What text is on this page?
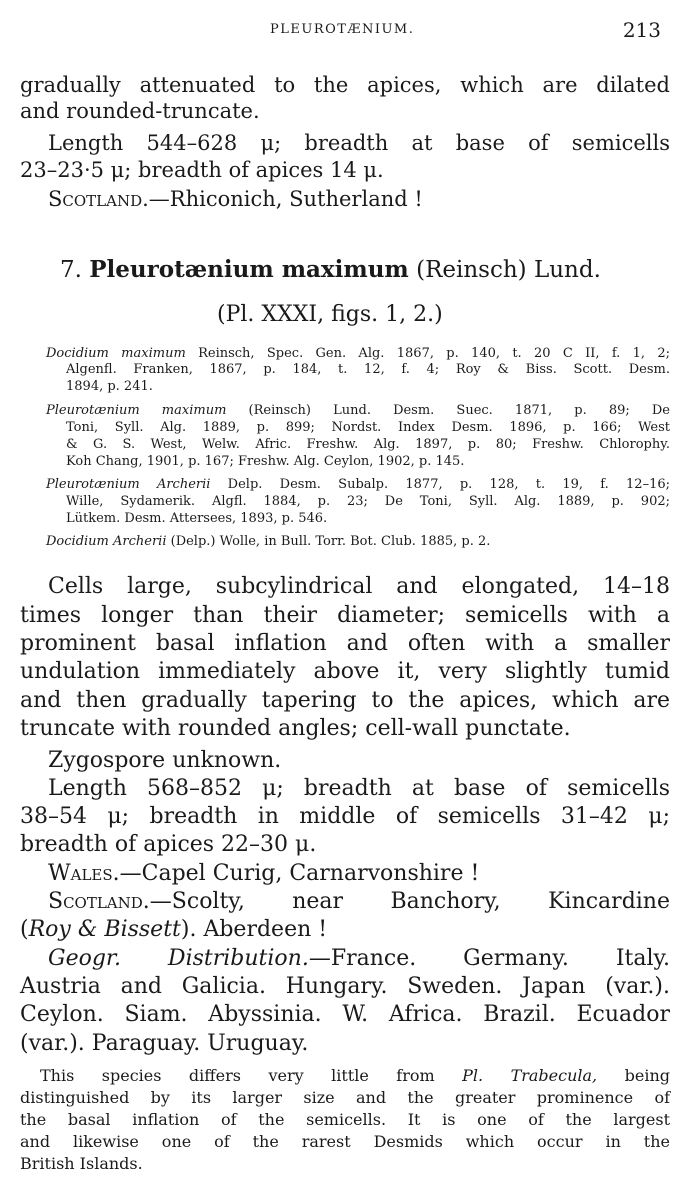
PLEUROTÆNIUM.	213
gradually attenuated to the apices, which are dilated
and rounded-truncate.
Length 544–628 μ; breadth at base of semicells
23–23·5 μ; breadth of apices 14 μ.
Scotland.—Rhiconich, Sutherland !
7. Pleurotænium maximum (Reinsch) Lund.
(Pl. XXXI, figs. 1, 2.)
Docidium maximum Reinsch, Spec. Gen. Alg. 1867, p. 140, t. 20 C II, f. 1, 2;
Algenfl. Franken, 1867, p. 184, t. 12, f. 4; Roy & Biss. Scott. Desm.
1894, p. 241.
Pleurotænium maximum (Reinsch) Lund. Desm. Suec. 1871, p. 89; De
Toni, Syll. Alg. 1889, p. 899; Nordst. Index Desm. 1896, p. 166; West
& G. S. West, Welw. Afric. Freshw. Alg. 1897, p. 80; Freshw. Chlorophy.
Koh Chang, 1901, p. 167; Freshw. Alg. Ceylon, 1902, p. 145.
Pleurotænium Archerii Delp. Desm. Subalp. 1877, p. 128, t. 19, f. 12–16;
Wille, Sydamerik. Algfl. 1884, p. 23; De Toni, Syll. Alg. 1889, p. 902;
Lütkem. Desm. Attersees, 1893, p. 546.
Docidium Archerii (Delp.) Wolle, in Bull. Torr. Bot. Club. 1885, p. 2.
Cells large, subcylindrical and elongated, 14–18
times longer than their diameter; semicells with a
prominent basal inflation and often with a smaller
undulation immediately above it, very slightly tumid
and then gradually tapering to the apices, which are
truncate with rounded angles; cell-wall punctate.
Zygospore unknown.
Length 568–852 μ; breadth at base of semicells
38–54 μ; breadth in middle of semicells 31–42 μ;
breadth of apices 22–30 μ.
Wales.—Capel Curig, Carnarvonshire !
Scotland.—Scolty, near Banchory, Kincardine
(Roy & Bissett). Aberdeen !
Geogr. Distribution.—France. Germany. Italy.
Austria and Galicia. Hungary. Sweden. Japan (var.).
Ceylon. Siam. Abyssinia. W. Africa. Brazil. Ecuador
(var.). Paraguay. Uruguay.
This species differs very little from Pl. Trabecula, being
distinguished by its larger size and the greater prominence of
the basal inflation of the semicells. It is one of the largest
and likewise one of the rarest Desmids which occur in the
British Islands.
